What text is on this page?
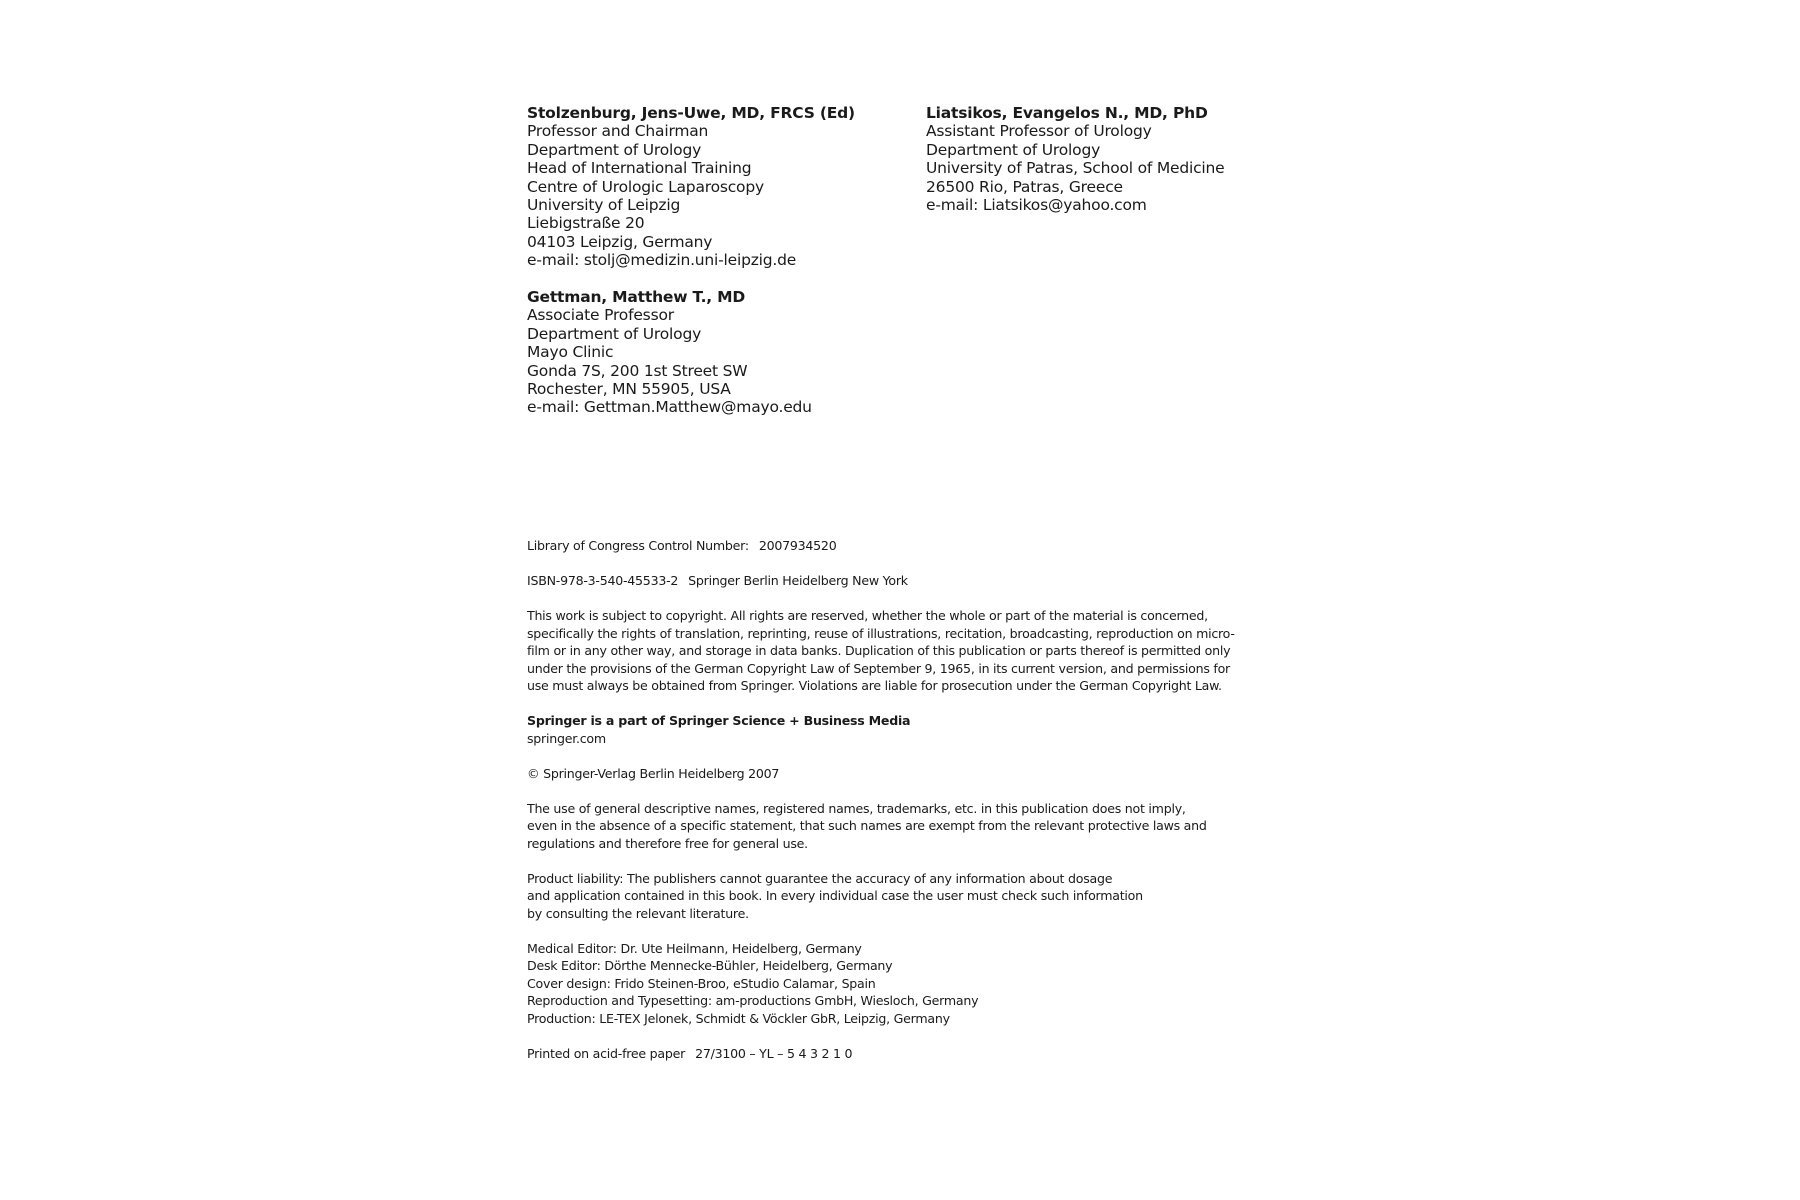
Stolzenburg, Jens-Uwe, MD, FRCS (Ed)
Professor and Chairman
Department of Urology
Head of International Training
Centre of Urologic Laparoscopy
University of Leipzig
Liebigstraße 20
04103 Leipzig, Germany
e-mail: stolj@medizin.uni-leipzig.de
Liatsikos, Evangelos N., MD, PhD
Assistant Professor of Urology
Department of Urology
University of Patras, School of Medicine
26500 Rio, Patras, Greece
e-mail: Liatsikos@yahoo.com
Gettman, Matthew T., MD
Associate Professor
Department of Urology
Mayo Clinic
Gonda 7S, 200 1st Street SW
Rochester, MN 55905, USA
e-mail: Gettman.Matthew@mayo.edu
Library of Congress Control Number: 2007934520
ISBN-978-3-540-45533-2 Springer Berlin Heidelberg New York
This work is subject to copyright. All rights are reserved, whether the whole or part of the material is concerned,
specifically the rights of translation, reprinting, reuse of illustrations, recitation, broadcasting, reproduction on micro-
film or in any other way, and storage in data banks. Duplication of this publication or parts thereof is permitted only
under the provisions of the German Copyright Law of September 9, 1965, in its current version, and permissions for
use must always be obtained from Springer. Violations are liable for prosecution under the German Copyright Law.
Springer is a part of Springer Science + Business Media
springer.com
© Springer-Verlag Berlin Heidelberg 2007
The use of general descriptive names, registered names, trademarks, etc. in this publication does not imply,
even in the absence of a specific statement, that such names are exempt from the relevant protective laws and
regulations and therefore free for general use.
Product liability: The publishers cannot guarantee the accuracy of any information about dosage
and application contained in this book. In every individual case the user must check such information
by consulting the relevant literature.
Medical Editor: Dr. Ute Heilmann, Heidelberg, Germany
Desk Editor: Dörthe Mennecke-Bühler, Heidelberg, Germany
Cover design: Frido Steinen-Broo, eStudio Calamar, Spain
Reproduction and Typesetting: am-productions GmbH, Wiesloch, Germany
Production: LE-TEX Jelonek, Schmidt & Vöckler GbR, Leipzig, Germany
Printed on acid-free paper 27/3100 – YL – 5 4 3 2 1 0
